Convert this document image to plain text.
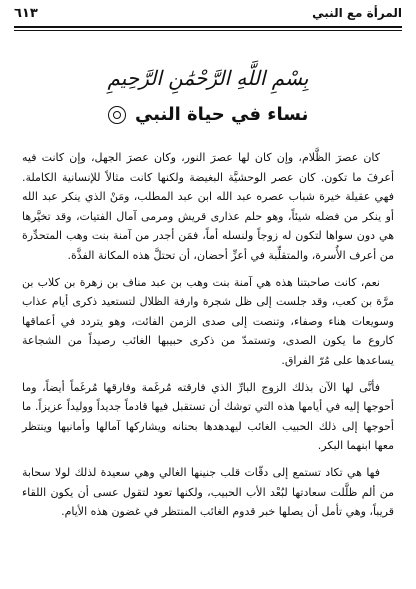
٦١٣	المرأة مع النبي
بِسْمِ اللَّهِ الرَّحْمَٰنِ الرَّحِيمِ
نساء في حياة النبي

كان عصرَ الظَّلام، وإن كان لها عصرَ النور، وكان عصرَ الجهل، وإن كانت فيه أعرفَ ما تكون. كان عصر الوحشيَّة البغيضة ولكنها كانت مثالاً للإنسانية الكاملة. فهي عقيلة خيرة شباب عصره عبد الله ابن عبد المطلب، ومَنْ الذي ينكر عبد الله أو ينكر من فضله شيئاً، وهو حلم عذارى قريش ومرمى آمال الفتيات، وقد تخيَّرها هي دون سواها لتكون له زوجاً ولنسله أماً، فمَن أجدر من آمنة بنت وهب المتحدِّرة من أعرف الأُسرة، والمتقلِّبة في أعزِّ أحضان، أن تحتلَّ هذه المكانة الفذَّة.

نعم، كانت صاحبتنا هذه هي آمنة بنت وهب بن عبد مناف بن زهرة بن كلاب بن مرَّة بن كعب، وقد جلست إلى ظل شجرة وارفة الظلال لتستعيد ذكرى أيام عذاب وسويعات هناء وصفاء، وتنصت إلى صدى الزمن الفائت، وهو يتردد في أعماقها كاروع ما يكون الصدى، وتستمدّ من ذكرى حبيبها الغائب رصيداً من الشجاعة يساعدها على مُرّ الفراق.

فأنَّى لها الآن بذلك الزوج البارِّ الذي فارقته مُرغَمة وفارقها مُرغَماً أيضاً، وما أحوجها إليه في أيامها هذه التي توشك أن تستقبل فيها قادماً جديداً ووليداً عزيزاً. ما أحوجها إلى ذلك الحبيب الغائب ليهدهدها بحنانه ويشاركها آمالها وأمانيها وينتظر معها ابنهما البكر.

فها هي تكاد تستمع إلى دقّات قلب جنينها الغالي وهي سعيدة لذلك لولا سحابة من ألم ظلَّلت سعادتها لبُعْد الأب الحبيب، ولكنها تعود لتقول عسى أن يكون اللقاء قريباً، وهي تأمل أن يصلها خبر قدوم الغائب المنتظر في غضون هذه الأيام.
